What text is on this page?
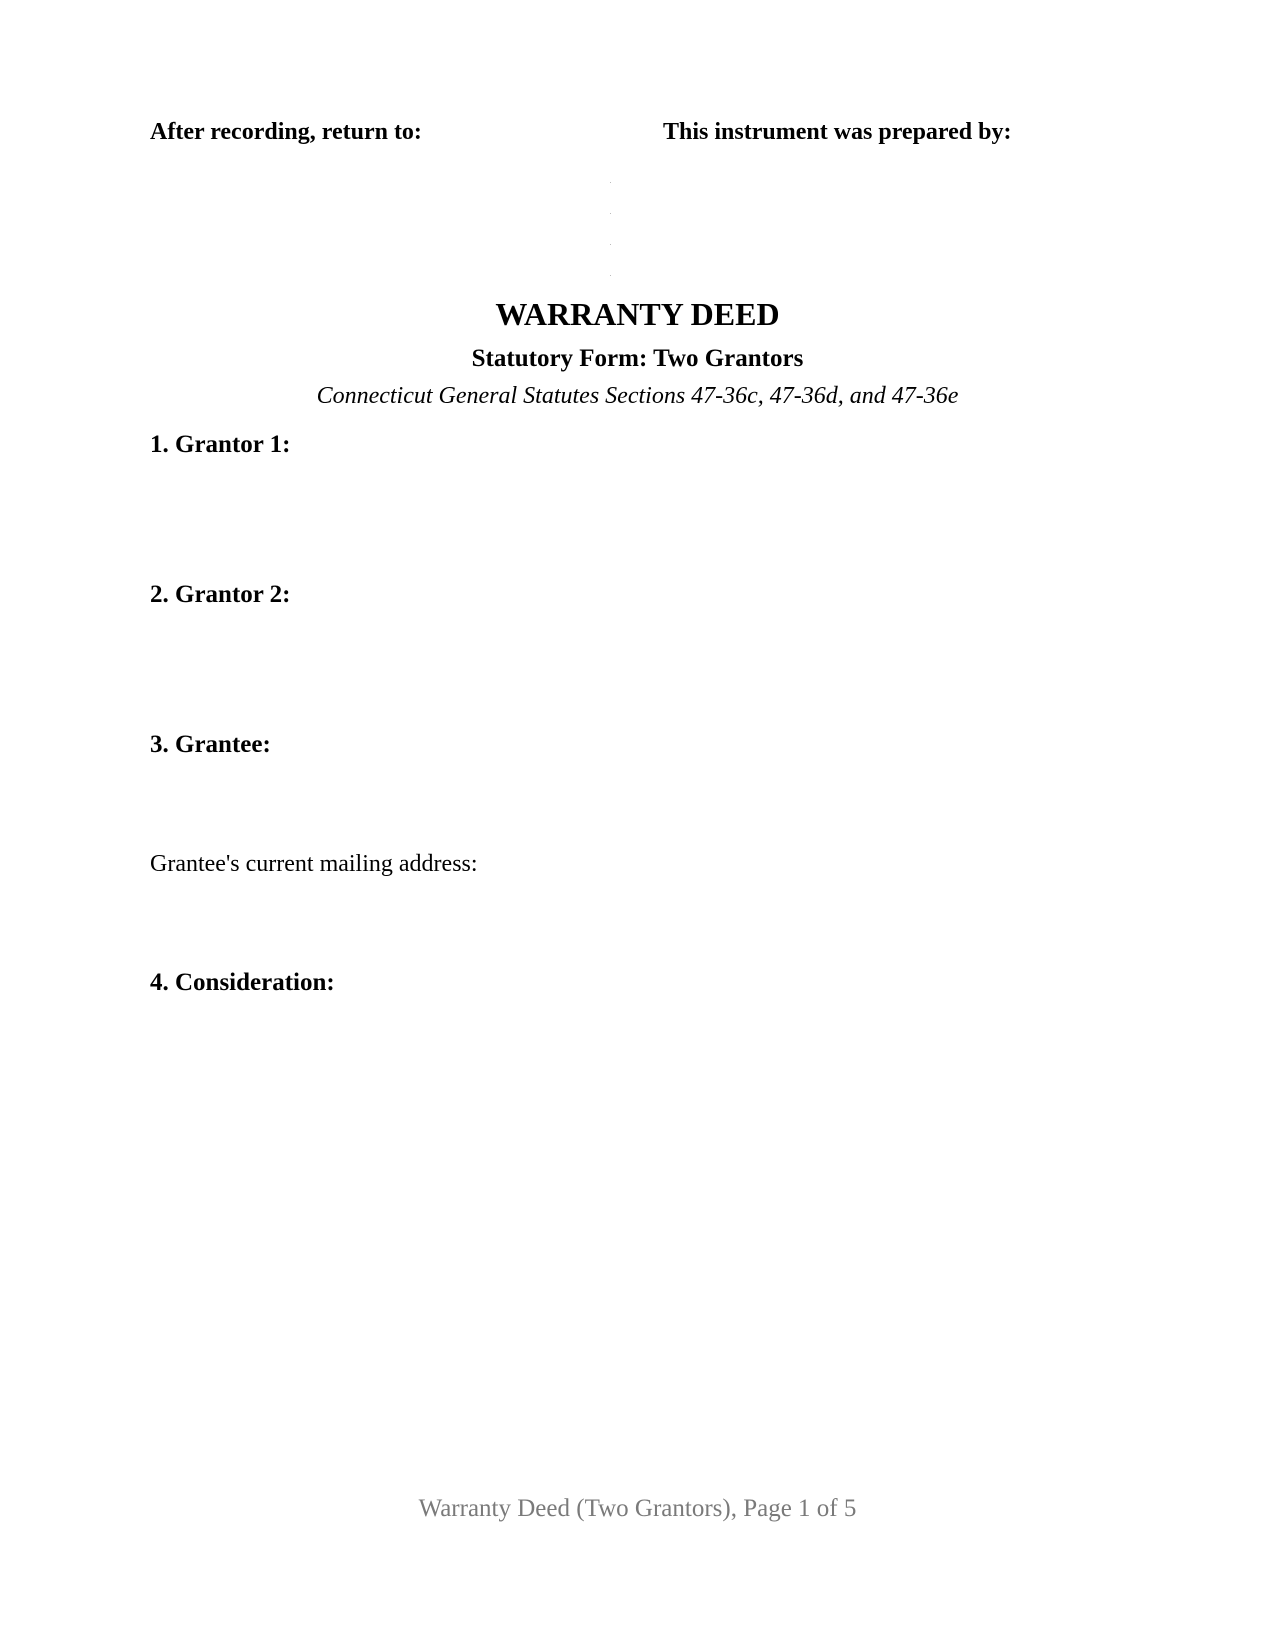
After recording, return to:	This instrument was prepared by:
WARRANTY DEED
Statutory Form: Two Grantors
Connecticut General Statutes Sections 47-36c, 47-36d, and 47-36e
1. Grantor 1:
2. Grantor 2:
3. Grantee:
Grantee's current mailing address:
4. Consideration:
Warranty Deed (Two Grantors), Page 1 of 5
